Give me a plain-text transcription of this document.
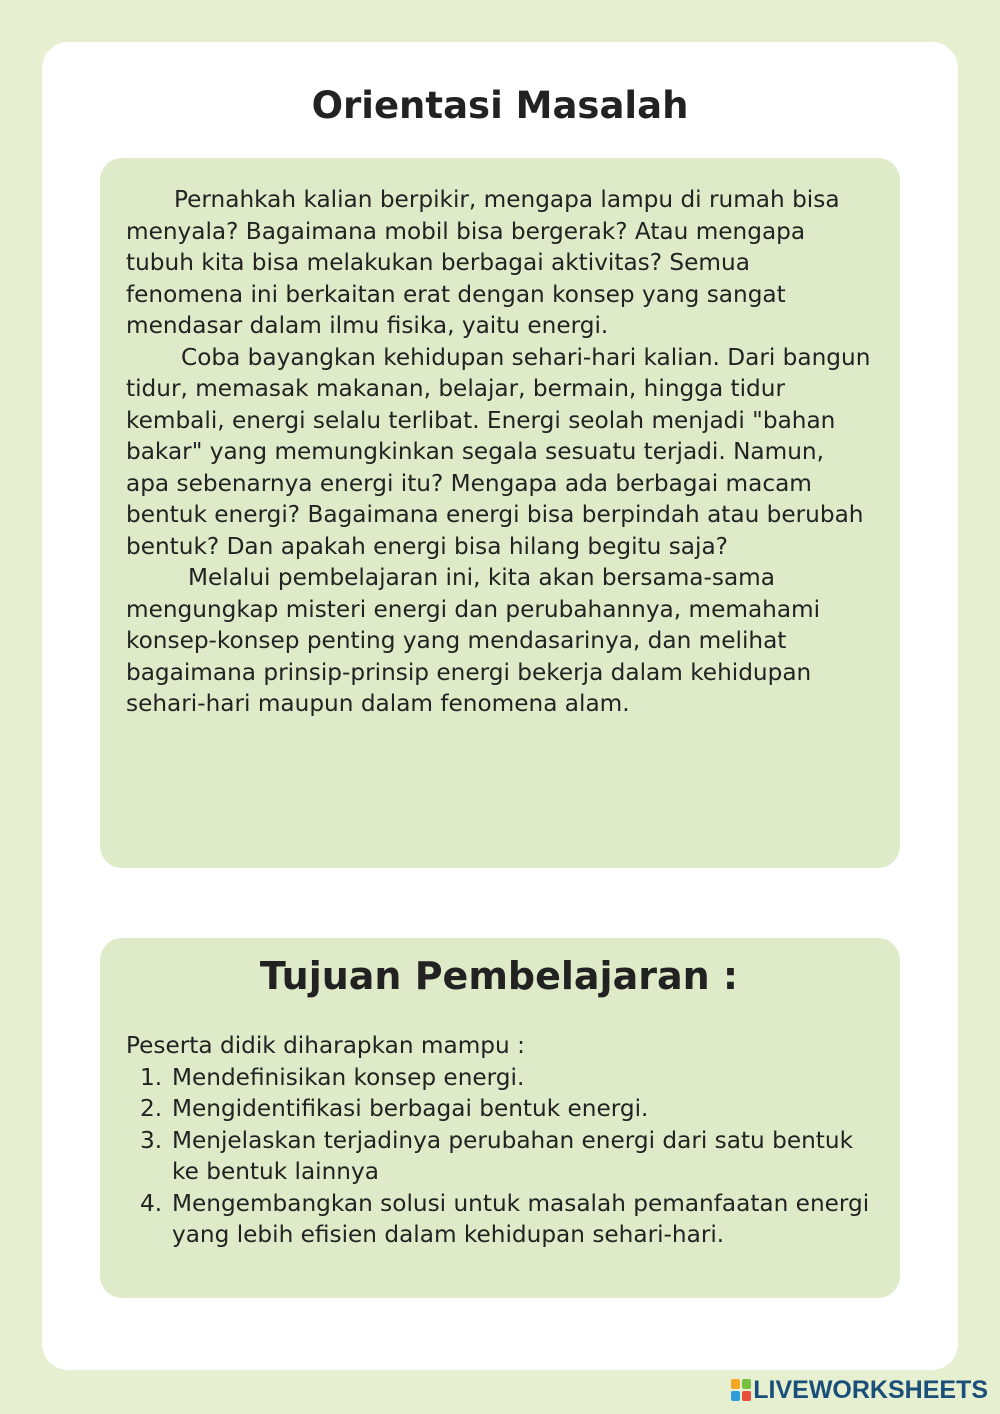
Orientasi Masalah

Pernahkah kalian berpikir, mengapa lampu di rumah bisa menyala? Bagaimana mobil bisa bergerak? Atau mengapa tubuh kita bisa melakukan berbagai aktivitas? Semua fenomena ini berkaitan erat dengan konsep yang sangat mendasar dalam ilmu fisika, yaitu energi.

Coba bayangkan kehidupan sehari-hari kalian. Dari bangun tidur, memasak makanan, belajar, bermain, hingga tidur kembali, energi selalu terlibat. Energi seolah menjadi "bahan bakar" yang memungkinkan segala sesuatu terjadi. Namun, apa sebenarnya energi itu? Mengapa ada berbagai macam bentuk energi? Bagaimana energi bisa berpindah atau berubah bentuk? Dan apakah energi bisa hilang begitu saja?

Melalui pembelajaran ini, kita akan bersama-sama mengungkap misteri energi dan perubahannya, memahami konsep-konsep penting yang mendasarinya, dan melihat bagaimana prinsip-prinsip energi bekerja dalam kehidupan sehari-hari maupun dalam fenomena alam.

Tujuan Pembelajaran :

Peserta didik diharapkan mampu :

1. Mendefinisikan konsep energi.
2. Mengidentifikasi berbagai bentuk energi.
3. Menjelaskan terjadinya perubahan energi dari satu bentuk ke bentuk lainnya
4. Mengembangkan solusi untuk masalah pemanfaatan energi yang lebih efisien dalam kehidupan sehari-hari.
LIVEWORKSHEETS
